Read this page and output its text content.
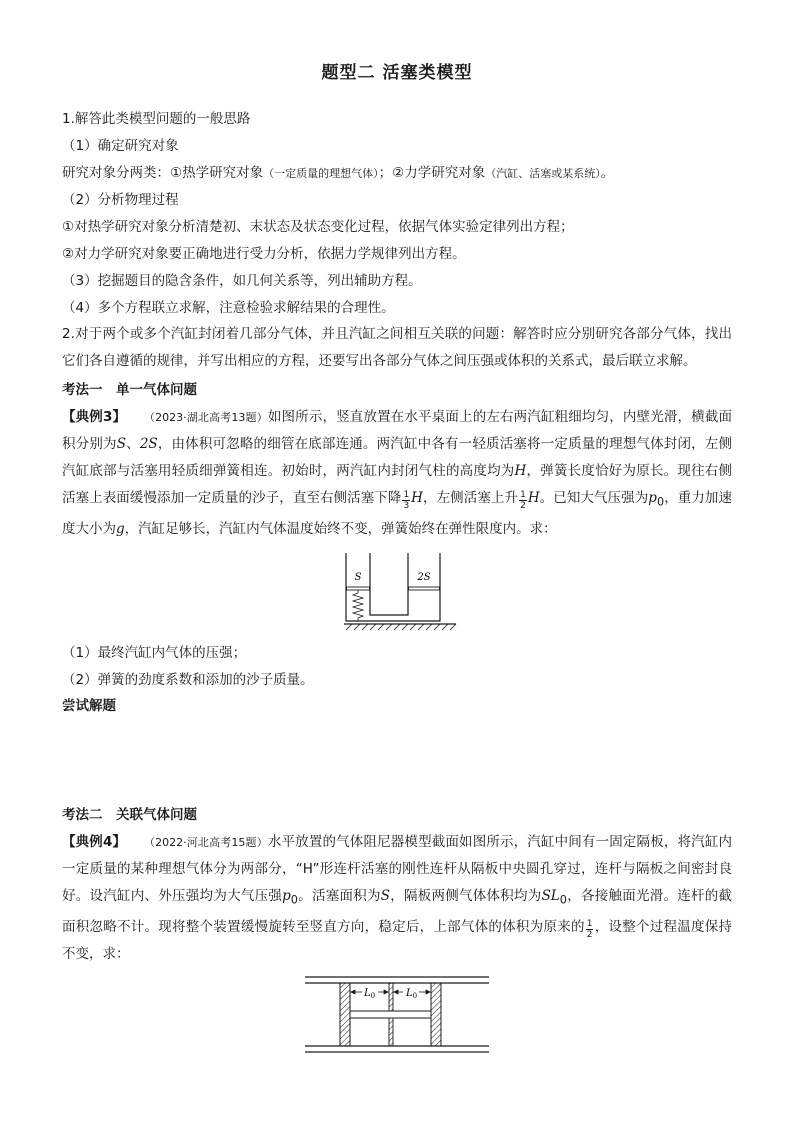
题型二 活塞类模型
1.解答此类模型问题的一般思路
（1）确定研究对象
研究对象分两类：①热学研究对象（一定质量的理想气体）；②力学研究对象（汽缸、活塞或某系统）。
（2）分析物理过程
①对热学研究对象分析清楚初、末状态及状态变化过程，依据气体实验定律列出方程；
②对力学研究对象要正确地进行受力分析，依据力学规律列出方程。
（3）挖掘题目的隐含条件，如几何关系等，列出辅助方程。
（4）多个方程联立求解，注意检验求解结果的合理性。
2.对于两个或多个汽缸封闭着几部分气体，并且汽缸之间相互关联的问题：解答时应分别研究各部分气体，找出它们各自遵循的规律，并写出相应的方程，还要写出各部分气体之间压强或体积的关系式，最后联立求解。
考法一　单一气体问题
【典例3】 （2023·湖北高考13题）如图所示，竖直放置在水平桌面上的左右两汽缸粗细均匀，内壁光滑，横截面积分别为S、2S，由体积可忽略的细管在底部连通。两汽缸中各有一轻质活塞将一定质量的理想气体封闭，左侧汽缸底部与活塞用轻质细弹簧相连。初始时，两汽缸内封闭气柱的高度均为H，弹簧长度恰好为原长。现往右侧活塞上表面缓慢添加一定质量的沙子，直至右侧活塞下降 $\frac{1}{3}$ H，左侧活塞上升 $\frac{1}{2}$ H。已知大气压强为$p_0$，重力加速度大小为g，汽缸足够长，汽缸内气体温度始终不变，弹簧始终在弹性限度内。求：
S	2S
（1）最终汽缸内气体的压强；
（2）弹簧的劲度系数和添加的沙子质量。
尝试解题
考法二　关联气体问题
【典例4】 （2022·河北高考15题）水平放置的气体阻尼器模型截面如图所示，汽缸中间有一固定隔板，将汽缸内一定质量的某种理想气体分为两部分，“H”形连杆活塞的刚性连杆从隔板中央圆孔穿过，连杆与隔板之间密封良好。设汽缸内、外压强均为大气压强$p_0$。活塞面积为S，隔板两侧气体体积均为$SL_0$，各接触面光滑。连杆的截面积忽略不计。现将整个装置缓慢旋转至竖直方向，稳定后，上部气体的体积为原来的 $\frac{1}{2}$ ，设整个过程温度保持不变，求：
$L_0$	$L_0$
